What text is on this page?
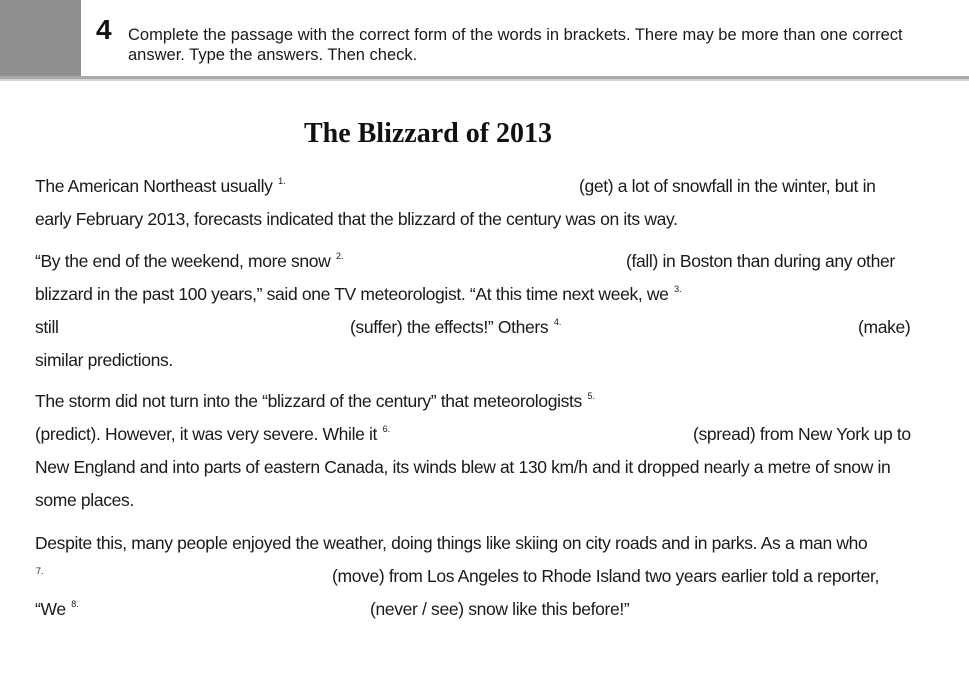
4 Complete the passage with the correct form of the words in brackets. There may be more than one correct answer. Type the answers. Then check.
The Blizzard of 2013
The American Northeast usually $^{1.}$	(get) a lot of snowfall in the winter, but in
early February 2013, forecasts indicated that the blizzard of the century was on its way.
“By the end of the weekend, more snow $^{2.}$	(fall) in Boston than during any other
blizzard in the past 100 years,” said one TV meteorologist. “At this time next week, we $^{3.}$
still	(suffer) the effects!” Others $^{4.}$	(make)
similar predictions.
The storm did not turn into the “blizzard of the century” that meteorologists $^{5.}$
(predict). However, it was very severe. While it $^{6.}$	(spread) from New York up to
New England and into parts of eastern Canada, its winds blew at 130 km/h and it dropped nearly a metre of snow in
some places.
Despite this, many people enjoyed the weather, doing things like skiing on city roads and in parks. As a man who
$^{7.}$	(move) from Los Angeles to Rhode Island two years earlier told a reporter,
“We $^{8.}$	(never / see) snow like this before!”
